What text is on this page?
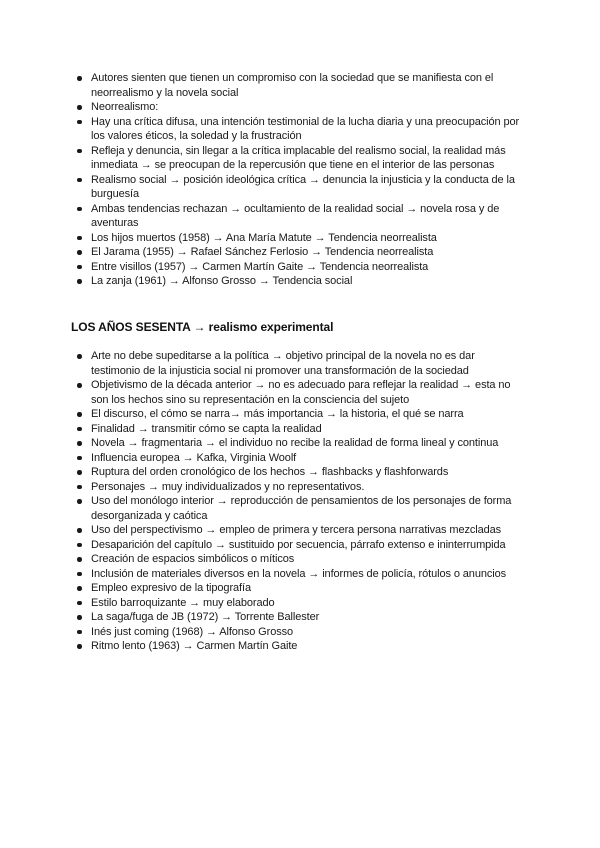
Autores sienten que tienen un compromiso con la sociedad que se manifiesta con el neorrealismo y la novela social
Neorrealismo:
Hay una crítica difusa, una intención testimonial de la lucha diaria y una preocupación por los valores éticos, la soledad y la frustración
Refleja y denuncia, sin llegar a la crítica implacable del realismo social, la realidad más inmediata → se preocupan de la repercusión que tiene en el interior de las personas
Realismo social → posición ideológica crítica → denuncia la injusticia y la conducta de la burguesía
Ambas tendencias rechazan → ocultamiento de la realidad social → novela rosa y de aventuras
Los hijos muertos (1958) → Ana María Matute → Tendencia neorrealista
El Jarama (1955) → Rafael Sánchez Ferlosio → Tendencia neorrealista
Entre visillos (1957) → Carmen Martín Gaite → Tendencia neorrealista
La zanja (1961) → Alfonso Grosso → Tendencia social
LOS AÑOS SESENTA → realismo experimental
Arte no debe supeditarse a la política → objetivo principal de la novela no es dar testimonio de la injusticia social ni promover una transformación de la sociedad
Objetivismo de la década anterior → no es adecuado para reflejar la realidad → esta no son los hechos sino su representación en la consciencia del sujeto
El discurso, el cómo se narra→ más importancia → la historia, el qué se narra
Finalidad → transmitir cómo se capta la realidad
Novela → fragmentaria → el individuo no recibe la realidad de forma lineal y continua
Influencia europea → Kafka, Virginia Woolf
Ruptura del orden cronológico de los hechos → flashbacks y flashforwards
Personajes → muy individualizados y no representativos.
Uso del monólogo interior → reproducción de pensamientos de los personajes de forma desorganizada y caótica
Uso del perspectivismo → empleo de primera y tercera persona narrativas mezcladas
Desaparición del capítulo → sustituido por secuencia, párrafo extenso e ininterrumpida
Creación de espacios simbólicos o míticos
Inclusión de materiales diversos en la novela → informes de policía, rótulos o anuncios
Empleo expresivo de la tipografía
Estilo barroquizante → muy elaborado
La saga/fuga de JB (1972) → Torrente Ballester
Inés just coming (1968) → Alfonso Grosso
Ritmo lento (1963) → Carmen Martín Gaite
